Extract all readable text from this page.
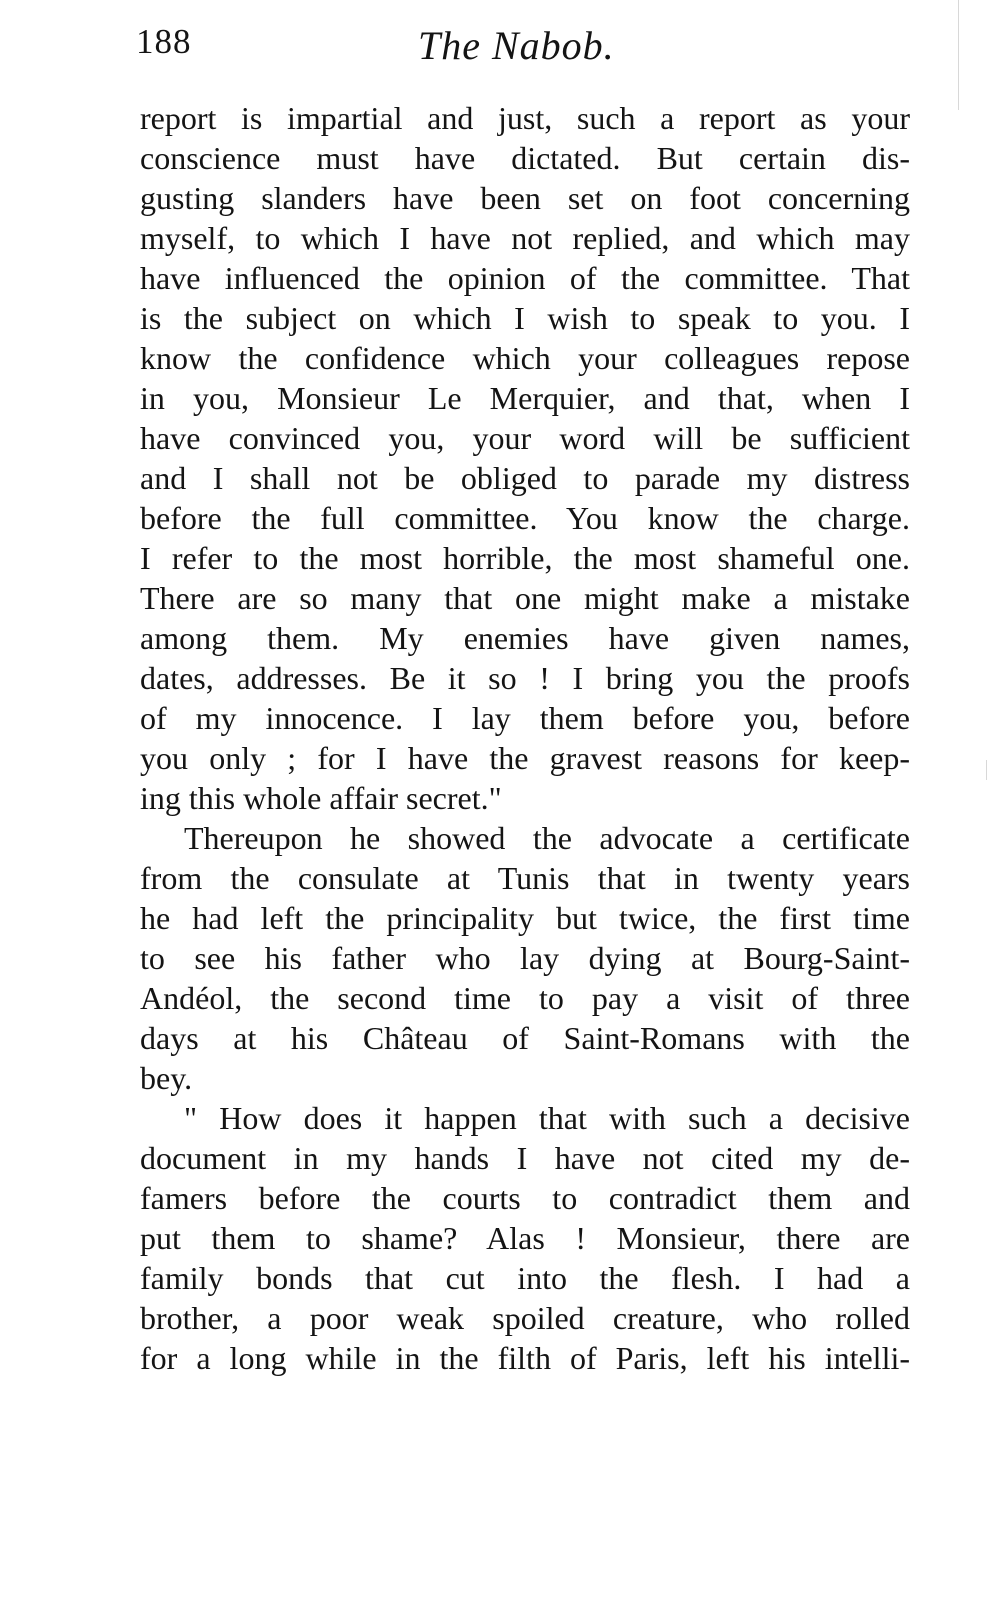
188	The Nabob.
report is impartial and just, such a report as your
conscience must have dictated. But certain dis-
gusting slanders have been set on foot concerning
myself, to which I have not replied, and which may
have influenced the opinion of the committee. That
is the subject on which I wish to speak to you. I
know the confidence which your colleagues repose
in you, Monsieur Le Merquier, and that, when I
have convinced you, your word will be sufficient
and I shall not be obliged to parade my distress
before the full committee. You know the charge.
I refer to the most horrible, the most shameful one.
There are so many that one might make a mistake
among them. My enemies have given names,
dates, addresses. Be it so ! I bring you the proofs
of my innocence. I lay them before you, before
you only ; for I have the gravest reasons for keep-
ing this whole affair secret."
Thereupon he showed the advocate a certificate
from the consulate at Tunis that in twenty years
he had left the principality but twice, the first time
to see his father who lay dying at Bourg-Saint-
Andéol, the second time to pay a visit of three
days at his Château of Saint-Romans with the
bey.
" How does it happen that with such a decisive
document in my hands I have not cited my de-
famers before the courts to contradict them and
put them to shame? Alas ! Monsieur, there are
family bonds that cut into the flesh. I had a
brother, a poor weak spoiled creature, who rolled
for a long while in the filth of Paris, left his intelli-
